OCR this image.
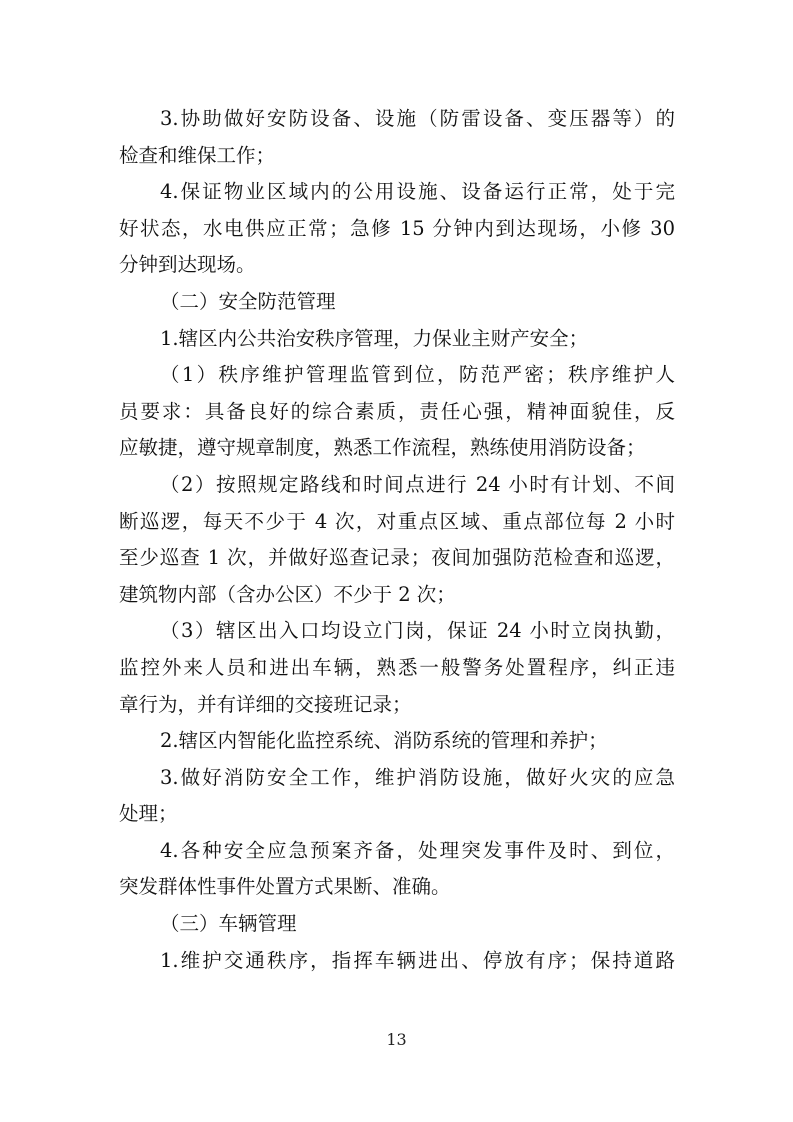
3.协助做好安防设备、设施（防雷设备、变压器等）的
检查和维保工作；
4.保证物业区域内的公用设施、设备运行正常，处于完
好状态，水电供应正常；急修 15 分钟内到达现场，小修 30
分钟到达现场。
（二）安全防范管理
1.辖区内公共治安秩序管理，力保业主财产安全；
（1）秩序维护管理监管到位，防范严密；秩序维护人
员要求：具备良好的综合素质，责任心强，精神面貌佳，反
应敏捷，遵守规章制度，熟悉工作流程，熟练使用消防设备；
（2）按照规定路线和时间点进行 24 小时有计划、不间
断巡逻，每天不少于 4 次，对重点区域、重点部位每 2 小时
至少巡查 1 次，并做好巡查记录；夜间加强防范检查和巡逻，
建筑物内部（含办公区）不少于 2 次；
（3）辖区出入口均设立门岗，保证 24 小时立岗执勤，
监控外来人员和进出车辆，熟悉一般警务处置程序，纠正违
章行为，并有详细的交接班记录；
2.辖区内智能化监控系统、消防系统的管理和养护；
3.做好消防安全工作，维护消防设施，做好火灾的应急
处理；
4.各种安全应急预案齐备，处理突发事件及时、到位，
突发群体性事件处置方式果断、准确。
（三）车辆管理
1.维护交通秩序，指挥车辆进出、停放有序；保持道路
13
